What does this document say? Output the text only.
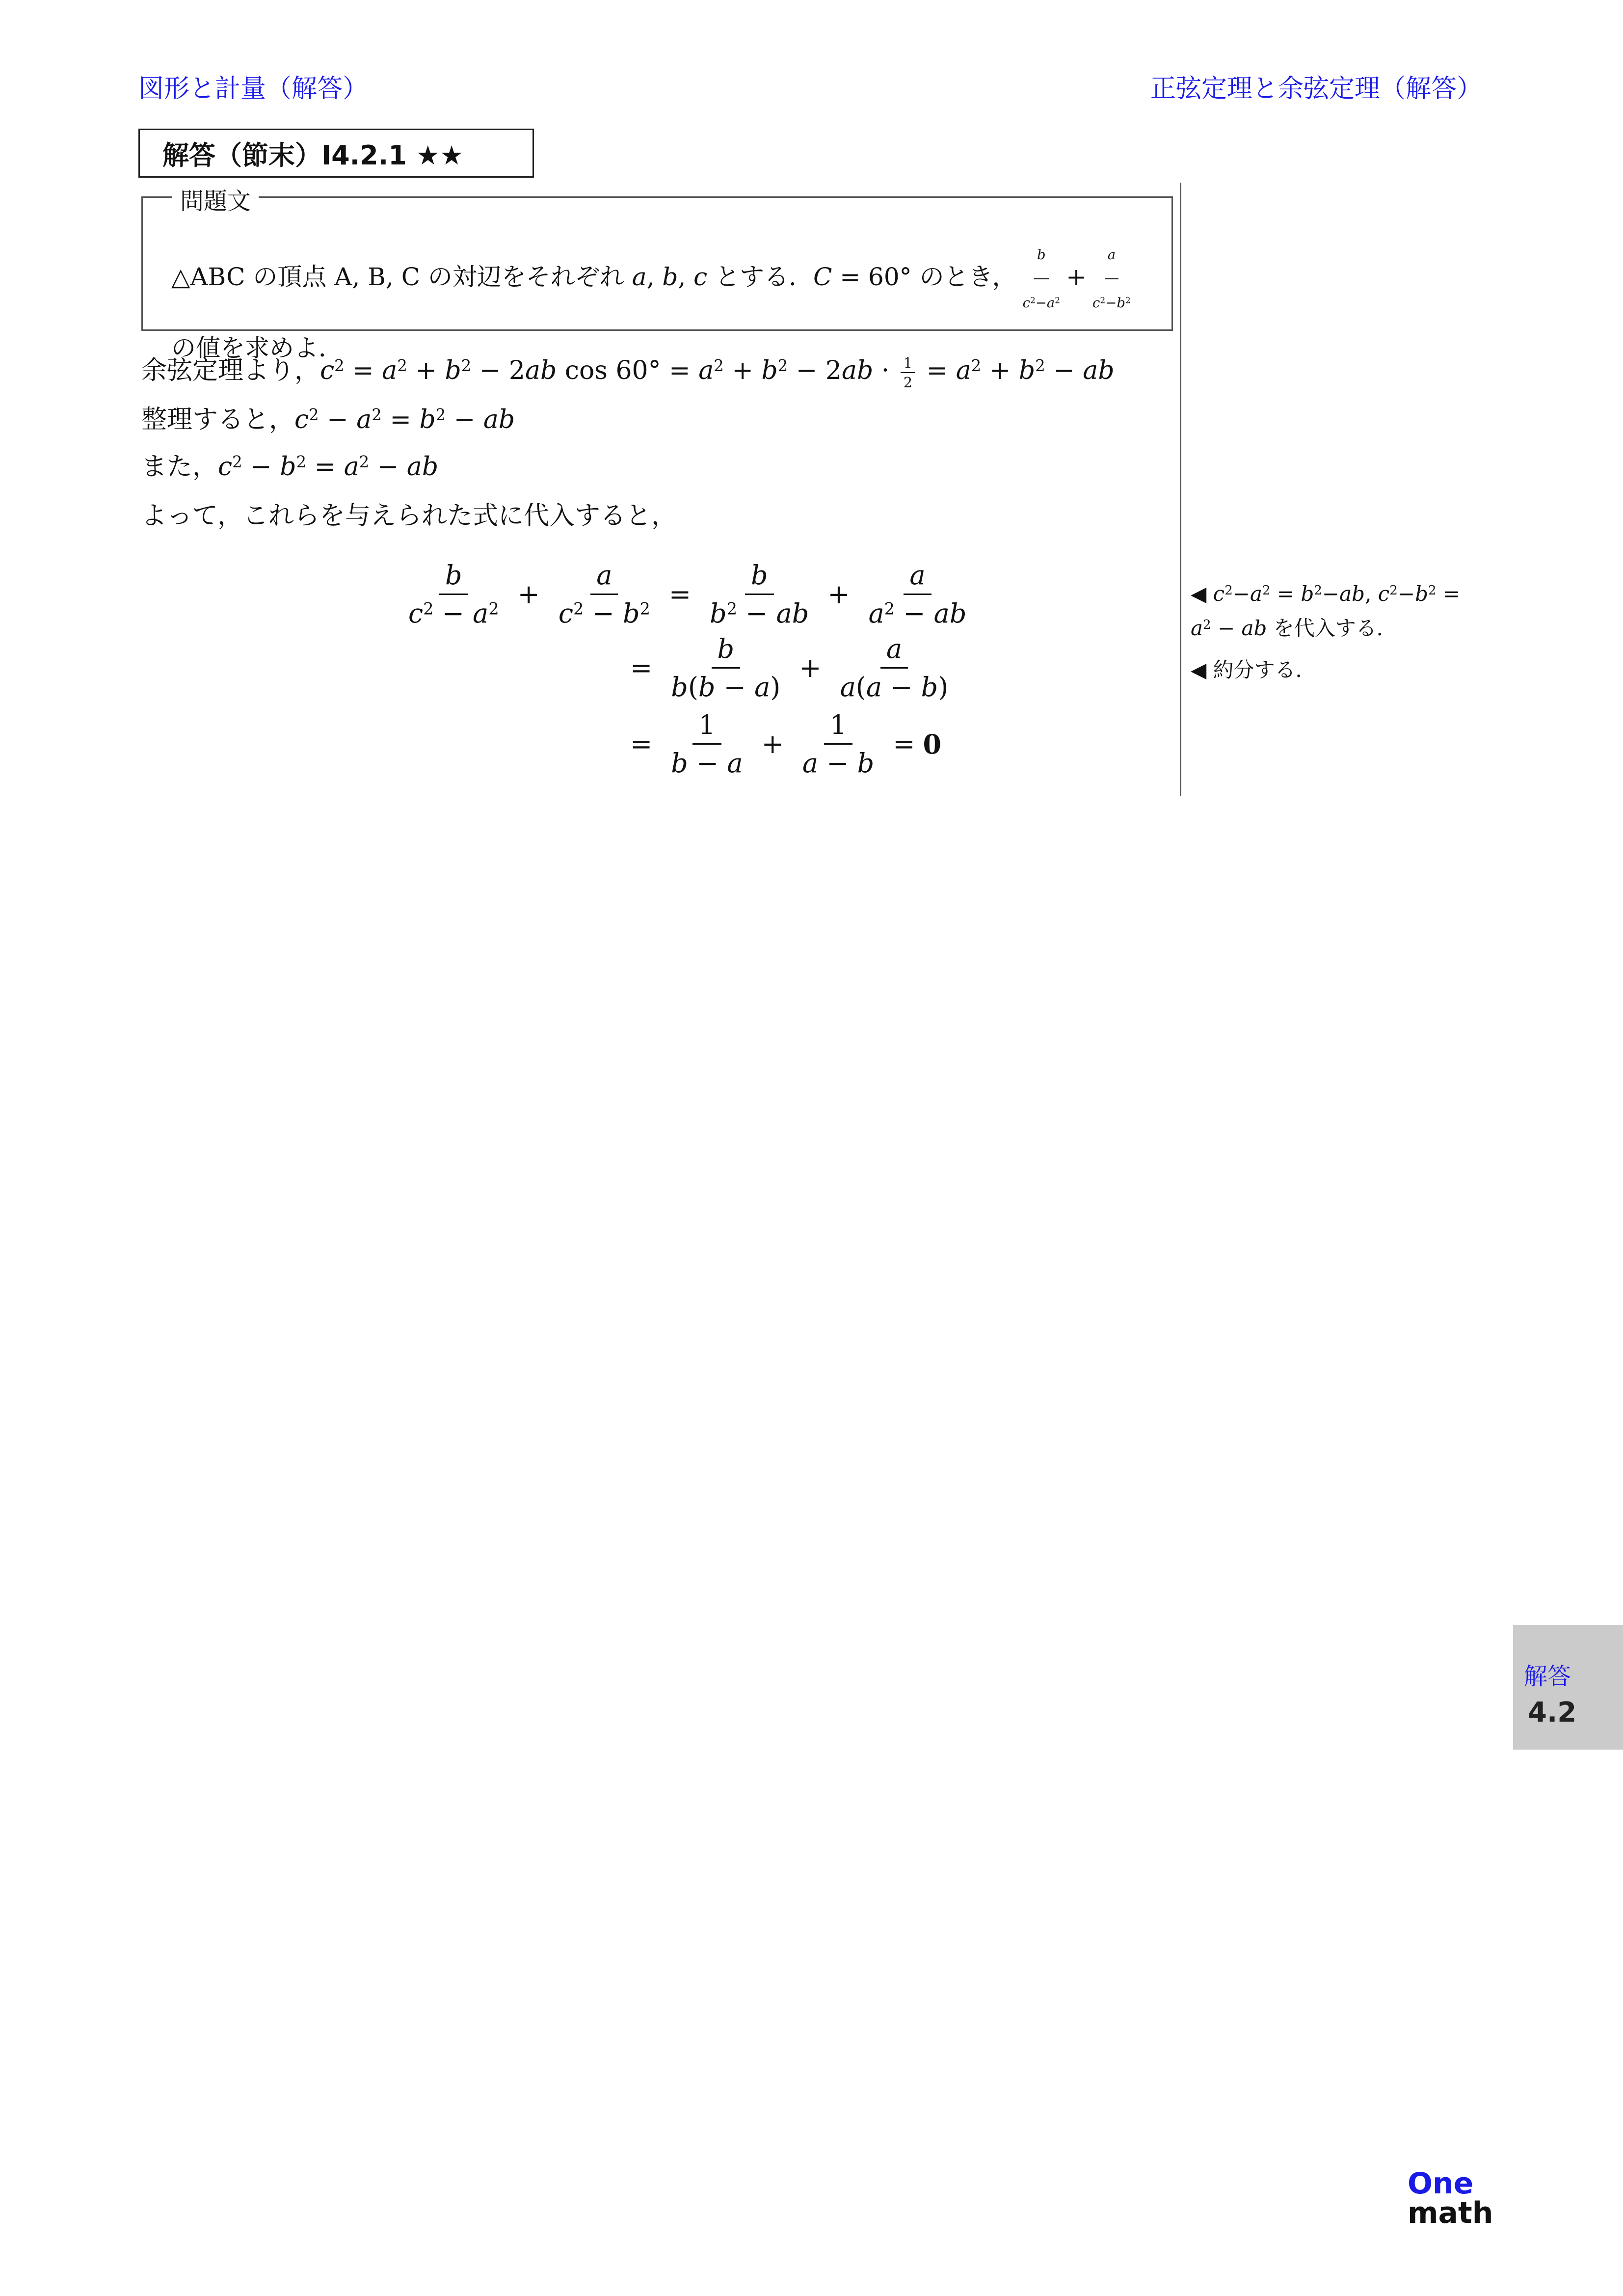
図形と計量（解答）	正弦定理と余弦定理（解答）
解答（節末）I4.2.1 ★★
問題文
△ABC の頂点 A, B, C の対辺をそれぞれ a, b, c とする．C = 60° のとき， $\frac{b}{c^2-a^2} + \frac{a}{c^2-b^2}$

の値を求めよ．
余弦定理より，$c^2 = a^2 + b^2 - 2ab$ $\cos 60^\circ = a^2 + b^2 - 2ab \cdot \frac{1}{2} = a^2 + b^2$ − ab
整理すると，$c^2 - a^2 = b^2$ − ab
また，$c^2 - b^2 = a^2$ − ab
よって，これらを与えられた式に代入すると，
$\frac{b}{c^2 - a^2} + \frac{a}{c^2 - b^2} = \frac{b}{b^2 - ab} + \frac{a}{a^2 - ab}$
= $\frac{b}{b(b - a)} + \frac{a}{a(a - b)}$
= $\frac{1}{b - a} + \frac{1}{a - b} = 0$
◀ $c^2-a^2 = b^2-ab$, $c^2-b^2$ =
$a^2$ − ab を代入する．
◀ 約分する．
解答
4.2
One
math
